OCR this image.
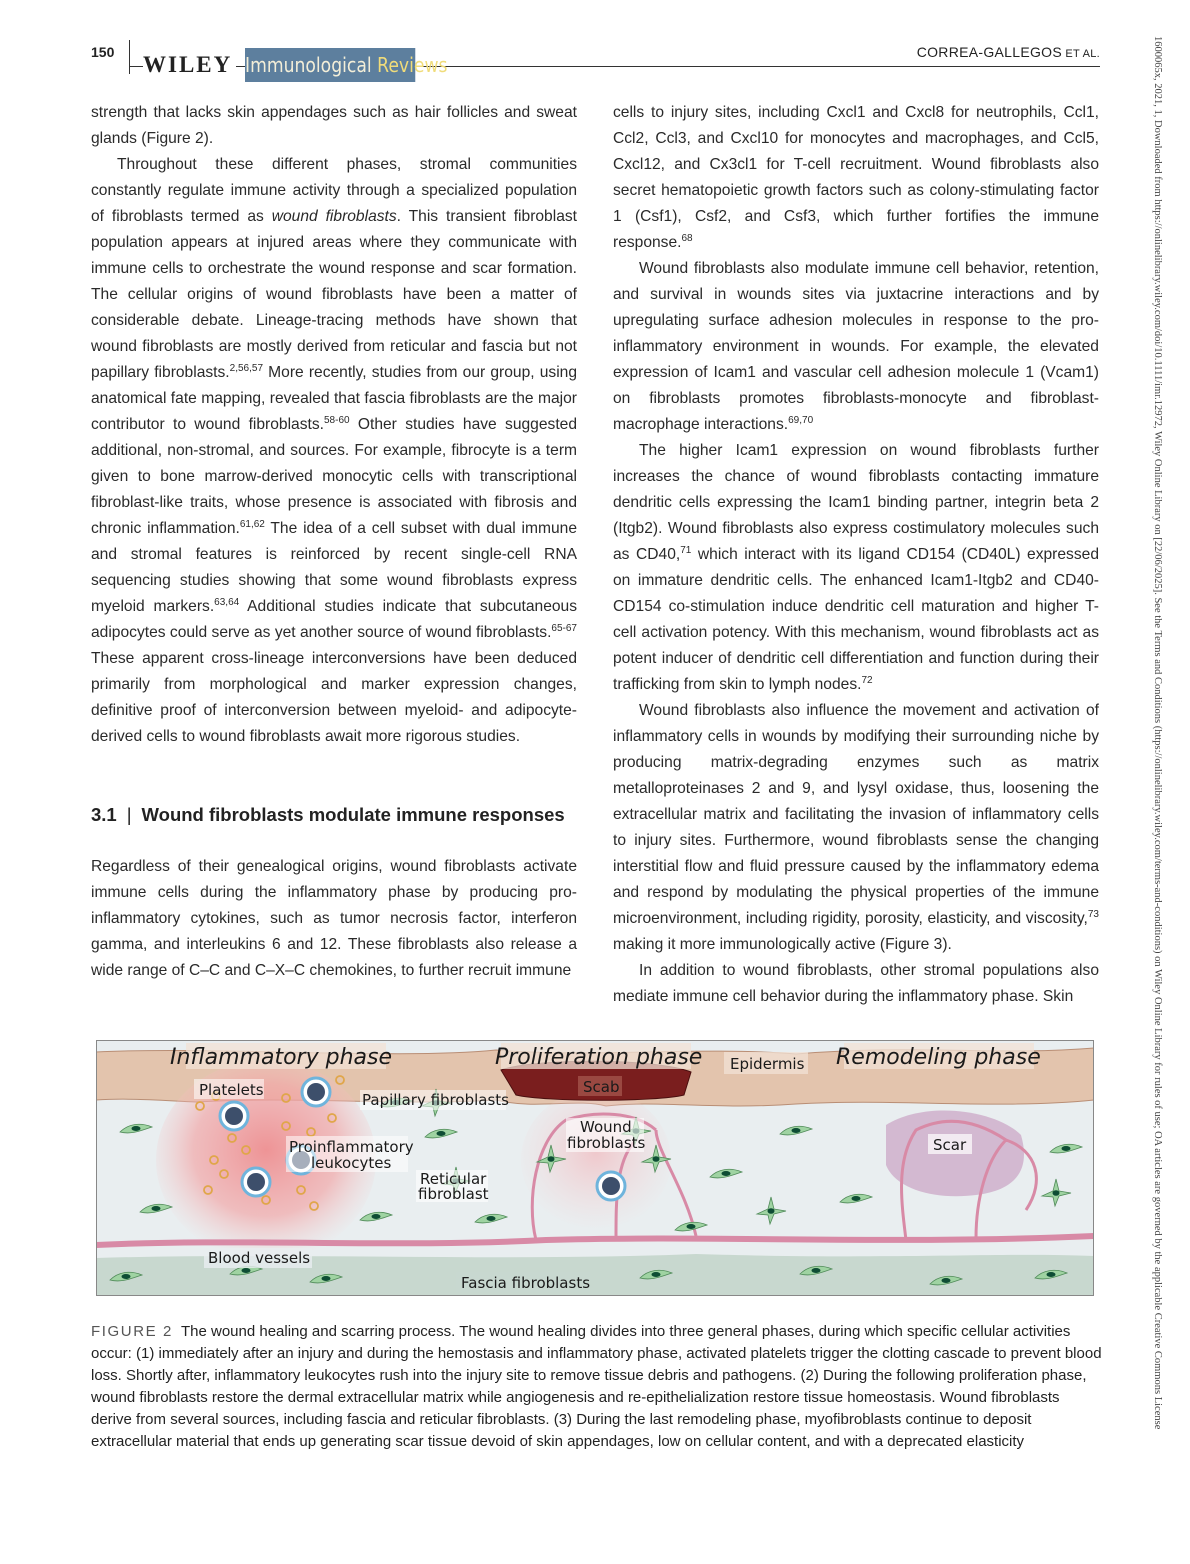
150 WILEY Immunological Reviews
CORREA-GALLEGOS ET AL.

strength that lacks skin appendages such as hair follicles and sweat glands (Figure 2).

Throughout these different phases, stromal communities constantly regulate immune activity through a specialized population of fibroblasts termed as wound fibroblasts. This transient fibroblast population appears at injured areas where they communicate with immune cells to orchestrate the wound response and scar formation. The cellular origins of wound fibroblasts have been a matter of considerable debate. Lineage-tracing methods have shown that wound fibroblasts are mostly derived from reticular and fascia but not papillary fibroblasts.$^{2,56,57}$ More recently, studies from our group, using anatomical fate mapping, revealed that fascia fibroblasts are the major contributor to wound fibroblasts.$^{58-60}$ Other studies have suggested additional, non-stromal, and sources. For example, fibrocyte is a term given to bone marrow-derived monocytic cells with transcriptional fibroblast-like traits, whose presence is associated with fibrosis and chronic inflammation.$^{61,62}$ The idea of a cell subset with dual immune and stromal features is reinforced by recent single-cell RNA sequencing studies showing that some wound fibroblasts express myeloid markers.$^{63,64}$ Additional studies indicate that subcutaneous adipocytes could serve as yet another source of wound fibroblasts.$^{65-67}$ These apparent cross-lineage interconversions have been deduced primarily from morphological and marker expression changes, definitive proof of interconversion between myeloid- and adipocyte-derived cells to wound fibroblasts await more rigorous studies.

3.1 | Wound fibroblasts modulate immune responses

Regardless of their genealogical origins, wound fibroblasts activate immune cells during the inflammatory phase by producing pro-inflammatory cytokines, such as tumor necrosis factor, interferon gamma, and interleukins 6 and 12. These fibroblasts also release a wide range of C–C and C–X–C chemokines, to further recruit immune

cells to injury sites, including Cxcl1 and Cxcl8 for neutrophils, Ccl1, Ccl2, Ccl3, and Cxcl10 for monocytes and macrophages, and Ccl5, Cxcl12, and Cx3cl1 for T-cell recruitment. Wound fibroblasts also secret hematopoietic growth factors such as colony-stimulating factor 1 (Csf1), Csf2, and Csf3, which further fortifies the immune response.$^{68}$

Wound fibroblasts also modulate immune cell behavior, retention, and survival in wounds sites via juxtacrine interactions and by upregulating surface adhesion molecules in response to the pro-inflammatory environment in wounds. For example, the elevated expression of Icam1 and vascular cell adhesion molecule 1 (Vcam1) on fibroblasts promotes fibroblasts-monocyte and fibroblast-macrophage interactions.$^{69,70}$

The higher Icam1 expression on wound fibroblasts further increases the chance of wound fibroblasts contacting immature dendritic cells expressing the Icam1 binding partner, integrin beta 2 (Itgb2). Wound fibroblasts also express costimulatory molecules such as CD40,71 which interact with its ligand CD154 (CD40L) expressed on immature dendritic cells. The enhanced Icam1-Itgb2 and CD40-CD154 co-stimulation induce dendritic cell maturation and higher T-cell activation potency. With this mechanism, wound fibroblasts act as potent inducer of dendritic cell differentiation and function during their trafficking from skin to lymph nodes.$^{72}$

Wound fibroblasts also influence the movement and activation of inflammatory cells in wounds by modifying their surrounding niche by producing matrix-degrading enzymes such as matrix metalloproteinases 2 and 9, and lysyl oxidase, thus, loosening the extracellular matrix and facilitating the invasion of inflammatory cells to injury sites. Furthermore, wound fibroblasts sense the changing interstitial flow and fluid pressure caused by the inflammatory edema and respond by modulating the physical properties of the immune microenvironment, including rigidity, porosity, elasticity, and viscosity,$^{73}$ making it more immunologically active (Figure 3).

In addition to wound fibroblasts, other stromal populations also mediate immune cell behavior during the inflammatory phase. Skin	1600065x, 2021, 1, Downloaded from https://onlinelibrary.wiley.com/doi/10.1111/imr.12972, Wiley Online Library on [22/06/2025]. See the Terms and Conditions (https://onlinelibrary.wiley.com/terms-and-conditions) on Wiley Online Library for rules of use; OA articles are governed by the applicable Creative Commons License
Inflammatory phase	Proliferation phase	Remodeling phase
Epidermis
Scab
Platelets
Papillary fibroblasts
Proinflammatory
leukocytes
Wound
fibroblasts
Reticular
fibroblast
Scar
Blood vessels
Fascia fibroblasts
FIGURE 2 The wound healing and scarring process. The wound healing divides into three general phases, during which specific cellular activities occur: (1) immediately after an injury and during the hemostasis and inflammatory phase, activated platelets trigger the clotting cascade to prevent blood loss. Shortly after, inflammatory leukocytes rush into the injury site to remove tissue debris and pathogens. (2) During the following proliferation phase, wound fibroblasts restore the dermal extracellular matrix while angiogenesis and re-epithelialization restore tissue homeostasis. Wound fibroblasts derive from several sources, including fascia and reticular fibroblasts. (3) During the last remodeling phase, myofibroblasts continue to deposit extracellular material that ends up generating scar tissue devoid of skin appendages, low on cellular content, and with a deprecated elasticity
